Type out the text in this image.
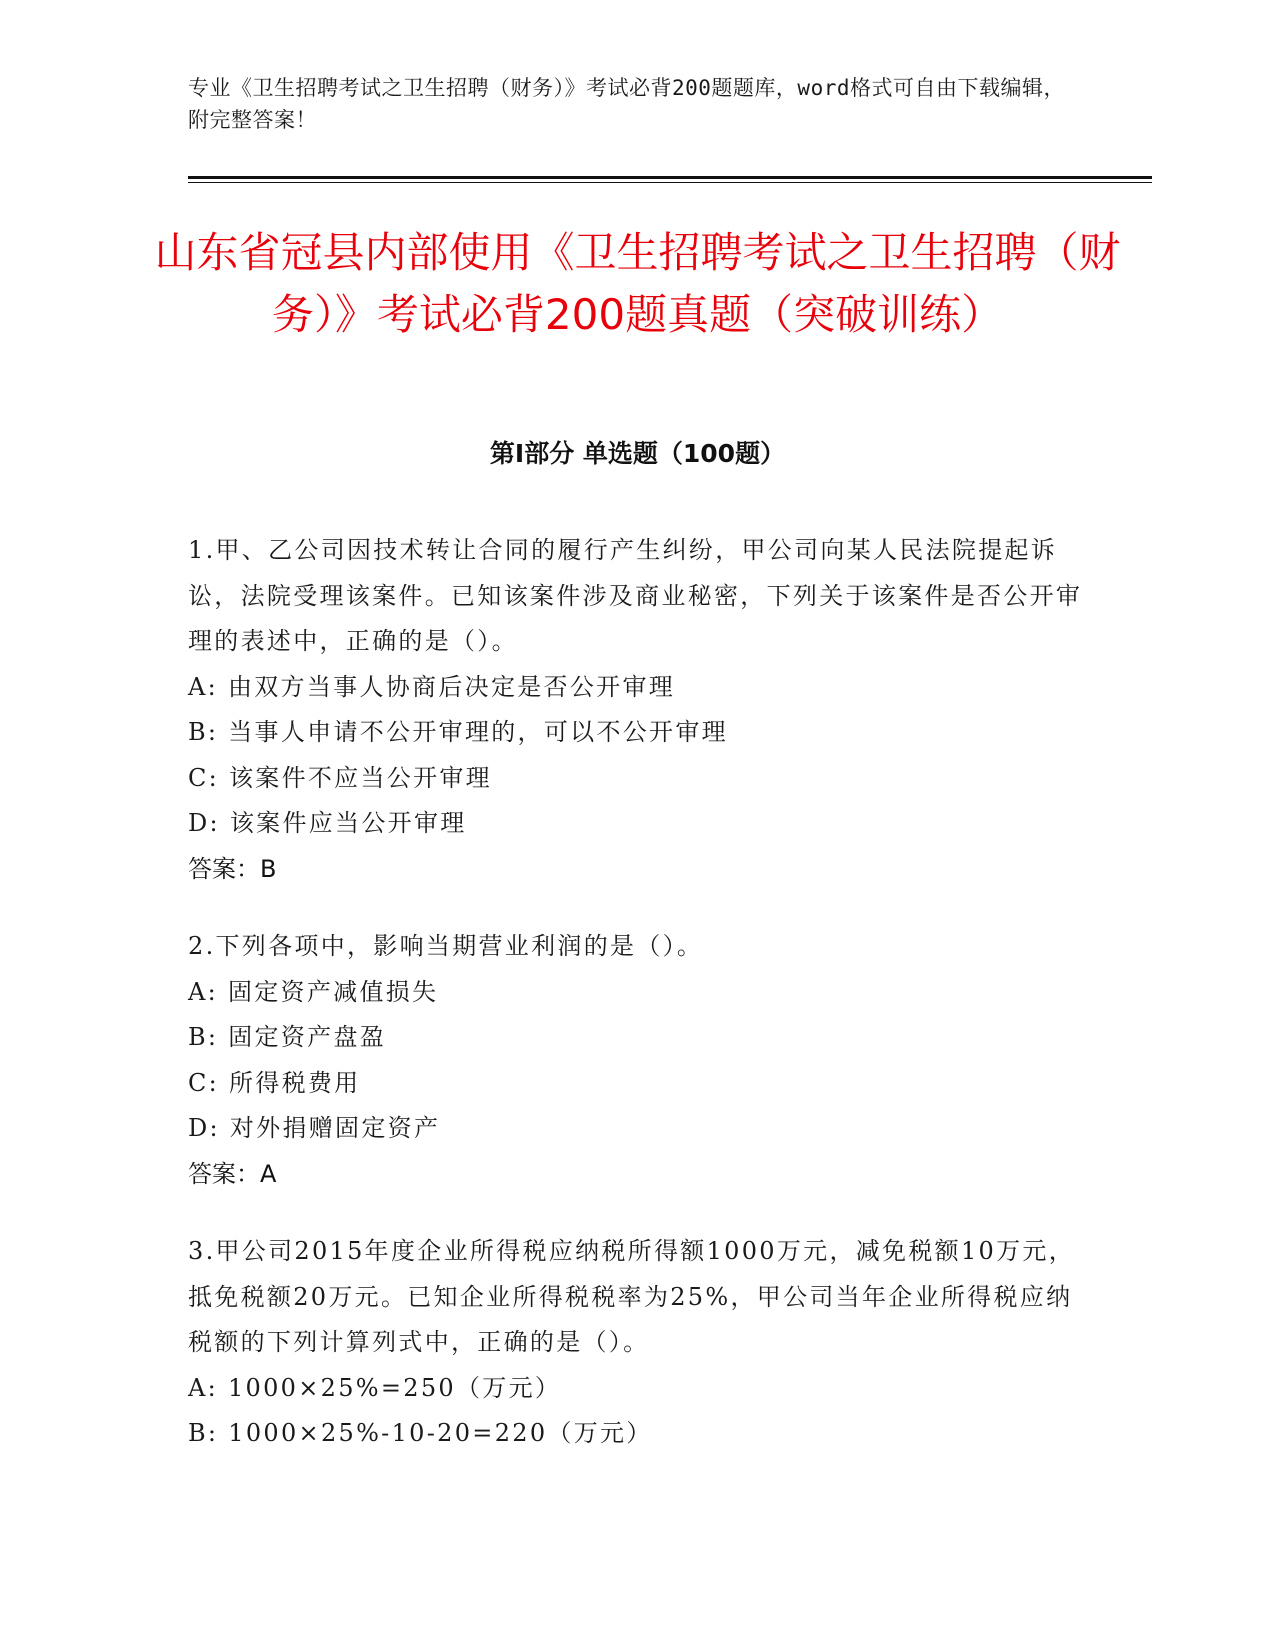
专业《卫生招聘考试之卫生招聘（财务）》考试必背200题题库，word格式可自由下载编辑，附完整答案！
山东省冠县内部使用《卫生招聘考试之卫生招聘（财务）》考试必背200题真题（突破训练）
第I部分 单选题（100题）

1.甲、乙公司因技术转让合同的履行产生纠纷，甲公司向某人民法院提起诉讼，法院受理该案件。已知该案件涉及商业秘密，下列关于该案件是否公开审理的表述中，正确的是（）。

A: 由双方当事人协商后决定是否公开审理

B: 当事人申请不公开审理的，可以不公开审理

C: 该案件不应当公开审理

D: 该案件应当公开审理

答案：B

2.下列各项中，影响当期营业利润的是（）。

A: 固定资产减值损失

B: 固定资产盘盈

C: 所得税费用

D: 对外捐赠固定资产

答案：A

3.甲公司2015年度企业所得税应纳税所得额1000万元，减免税额10万元，抵免税额20万元。已知企业所得税税率为25%，甲公司当年企业所得税应纳税额的下列计算列式中，正确的是（）。

A: 1000×25%=250（万元）

B: 1000×25%-10-20=220（万元）
